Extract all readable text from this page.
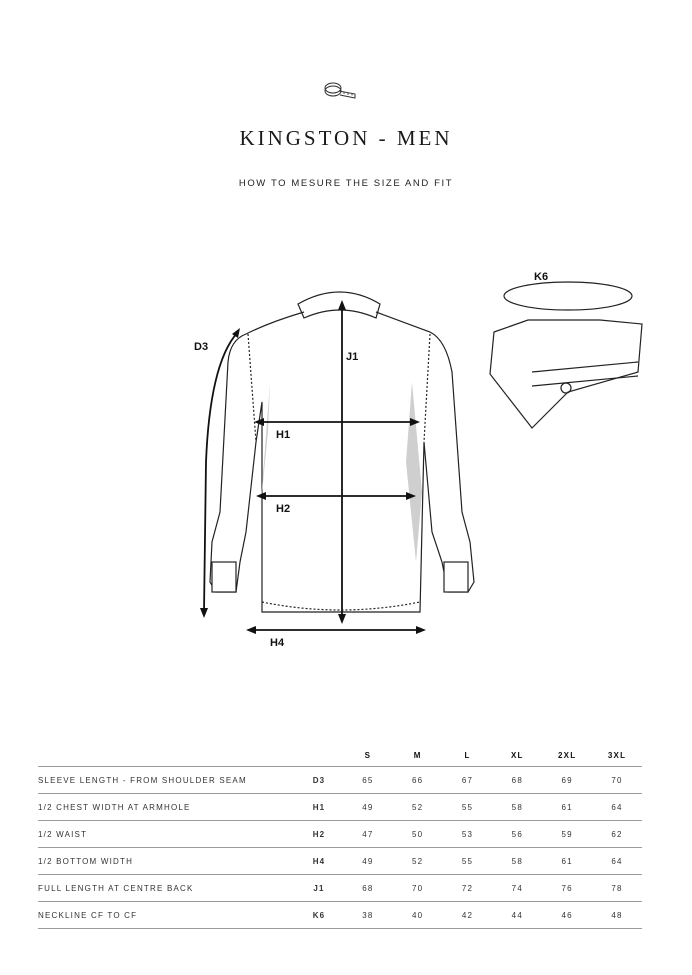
KINGSTON - MEN
HOW TO MESURE THE SIZE AND FIT
K6
D3
J1
H1
H2
H4
		S	M	L	XL	2XL	3XL
SLEEVE LENGTH - FROM SHOULDER SEAM	D3	65	66	67	68	69	70
1/2 CHEST WIDTH AT ARMHOLE	H1	49	52	55	58	61	64
1/2 WAIST	H2	47	50	53	56	59	62
1/2 BOTTOM WIDTH	H4	49	52	55	58	61	64
FULL LENGTH AT CENTRE BACK	J1	68	70	72	74	76	78
NECKLINE CF TO CF	K6	38	40	42	44	46	48
